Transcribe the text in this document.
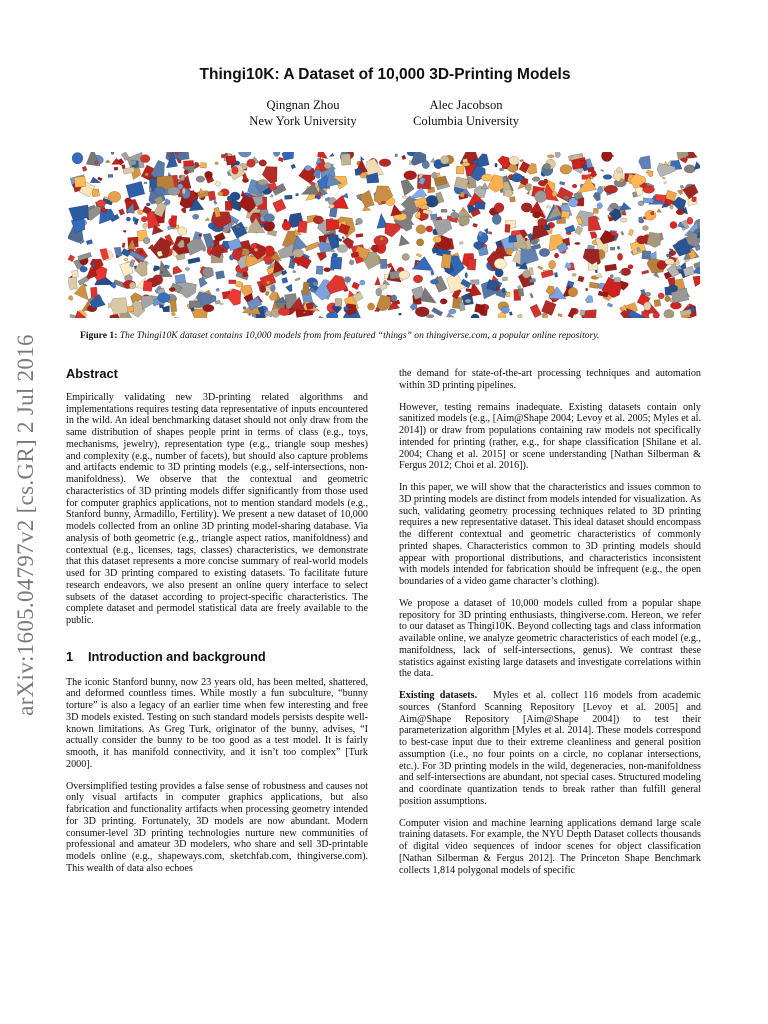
arXiv:1605.04797v2 [cs.GR] 2 Jul 2016
Thingi10K: A Dataset of 10,000 3D-Printing Models
Qingnan Zhou
New York University
Alec Jacobson
Columbia University
Figure 1: The Thingi10K dataset contains 10,000 models from from featured “things” on thingiverse.com, a popular online repository.
Abstract

Empirically validating new 3D-printing related algorithms and implementations requires testing data representative of inputs encountered in the wild. An ideal benchmarking dataset should not only draw from the same distribution of shapes people print in terms of class (e.g., toys, mechanisms, jewelry), representation type (e.g., triangle soup meshes) and complexity (e.g., number of facets), but should also capture problems and artifacts endemic to 3D printing models (e.g., self-intersections, non-manifoldness). We observe that the contextual and geometric characteristics of 3D printing models differ significantly from those used for computer graphics applications, not to mention standard models (e.g., Stanford bunny, Armadillo, Fertility). We present a new dataset of 10,000 models collected from an online 3D printing model-sharing database. Via analysis of both geometric (e.g., triangle aspect ratios, manifoldness) and contextual (e.g., licenses, tags, classes) characteristics, we demonstrate that this dataset represents a more concise summary of real-world models used for 3D printing compared to existing datasets. To facilitate future research endeavors, we also present an online query interface to select subsets of the dataset according to project-specific characteristics. The complete dataset and permodel statistical data are freely available to the public.

1 Introduction and background

The iconic Stanford bunny, now 23 years old, has been melted, shattered, and deformed countless times. While mostly a fun subculture, “bunny torture” is also a legacy of an earlier time when few interesting and free 3D models existed. Testing on such standard models persists despite well-known limitations. As Greg Turk, originator of the bunny, advises, “I actually consider the bunny to be too good as a test model. It is fairly smooth, it has manifold connectivity, and it isn’t too complex” [Turk 2000].

Oversimplified testing provides a false sense of robustness and causes not only visual artifacts in computer graphics applications, but also fabrication and functionality artifacts when processing geometry intended for 3D printing. Fortunately, 3D models are now abundant. Modern consumer-level 3D printing technologies nurture new communities of professional and amateur 3D modelers, who share and sell 3D-printable models online (e.g., shapeways.com, sketchfab.com, thingiverse.com). This wealth of data also echoes

the demand for state-of-the-art processing techniques and automation within 3D printing pipelines.

However, testing remains inadequate. Existing datasets contain only sanitized models (e.g., [Aim@Shape 2004; Levoy et al. 2005; Myles et al. 2014]) or draw from populations containing raw models not specifically intended for printing (rather, e.g., for shape classification [Shilane et al. 2004; Chang et al. 2015] or scene understanding [Nathan Silberman & Fergus 2012; Choi et al. 2016]).

In this paper, we will show that the characteristics and issues common to 3D printing models are distinct from models intended for visualization. As such, validating geometry processing techniques related to 3D printing requires a new representative dataset. This ideal dataset should encompass the different contextual and geometric characteristics of commonly printed shapes. Characteristics common to 3D printing models should appear with proportional distributions, and characteristics inconsistent with models intended for fabrication should be infrequent (e.g., the open boundaries of a video game character’s clothing).

We propose a dataset of 10,000 models culled from a popular shape repository for 3D printing enthusiasts, thingiverse.com. Hereon, we refer to our dataset as Thingi10K. Beyond collecting tags and class information available online, we analyze geometric characteristics of each model (e.g., manifoldness, lack of self-intersections, genus). We contrast these statistics against existing large datasets and investigate correlations within the data.

Existing datasets. Myles et al. collect 116 models from academic sources (Stanford Scanning Repository [Levoy et al. 2005] and Aim@Shape Repository [Aim@Shape 2004]) to test their parameterization algorithm [Myles et al. 2014]. These models correspond to best-case input due to their extreme cleanliness and general position assumption (i.e., no four points on a circle, no coplanar intersections, etc.). For 3D printing models in the wild, degeneracies, non-manifoldness and self-intersections are abundant, not special cases. Structured modeling and coordinate quantization tends to break rather than fulfill general position assumptions.

Computer vision and machine learning applications demand large scale training datasets. For example, the NYU Depth Dataset collects thousands of digital video sequences of indoor scenes for object classification [Nathan Silberman & Fergus 2012]. The Princeton Shape Benchmark collects 1,814 polygonal models of specific
